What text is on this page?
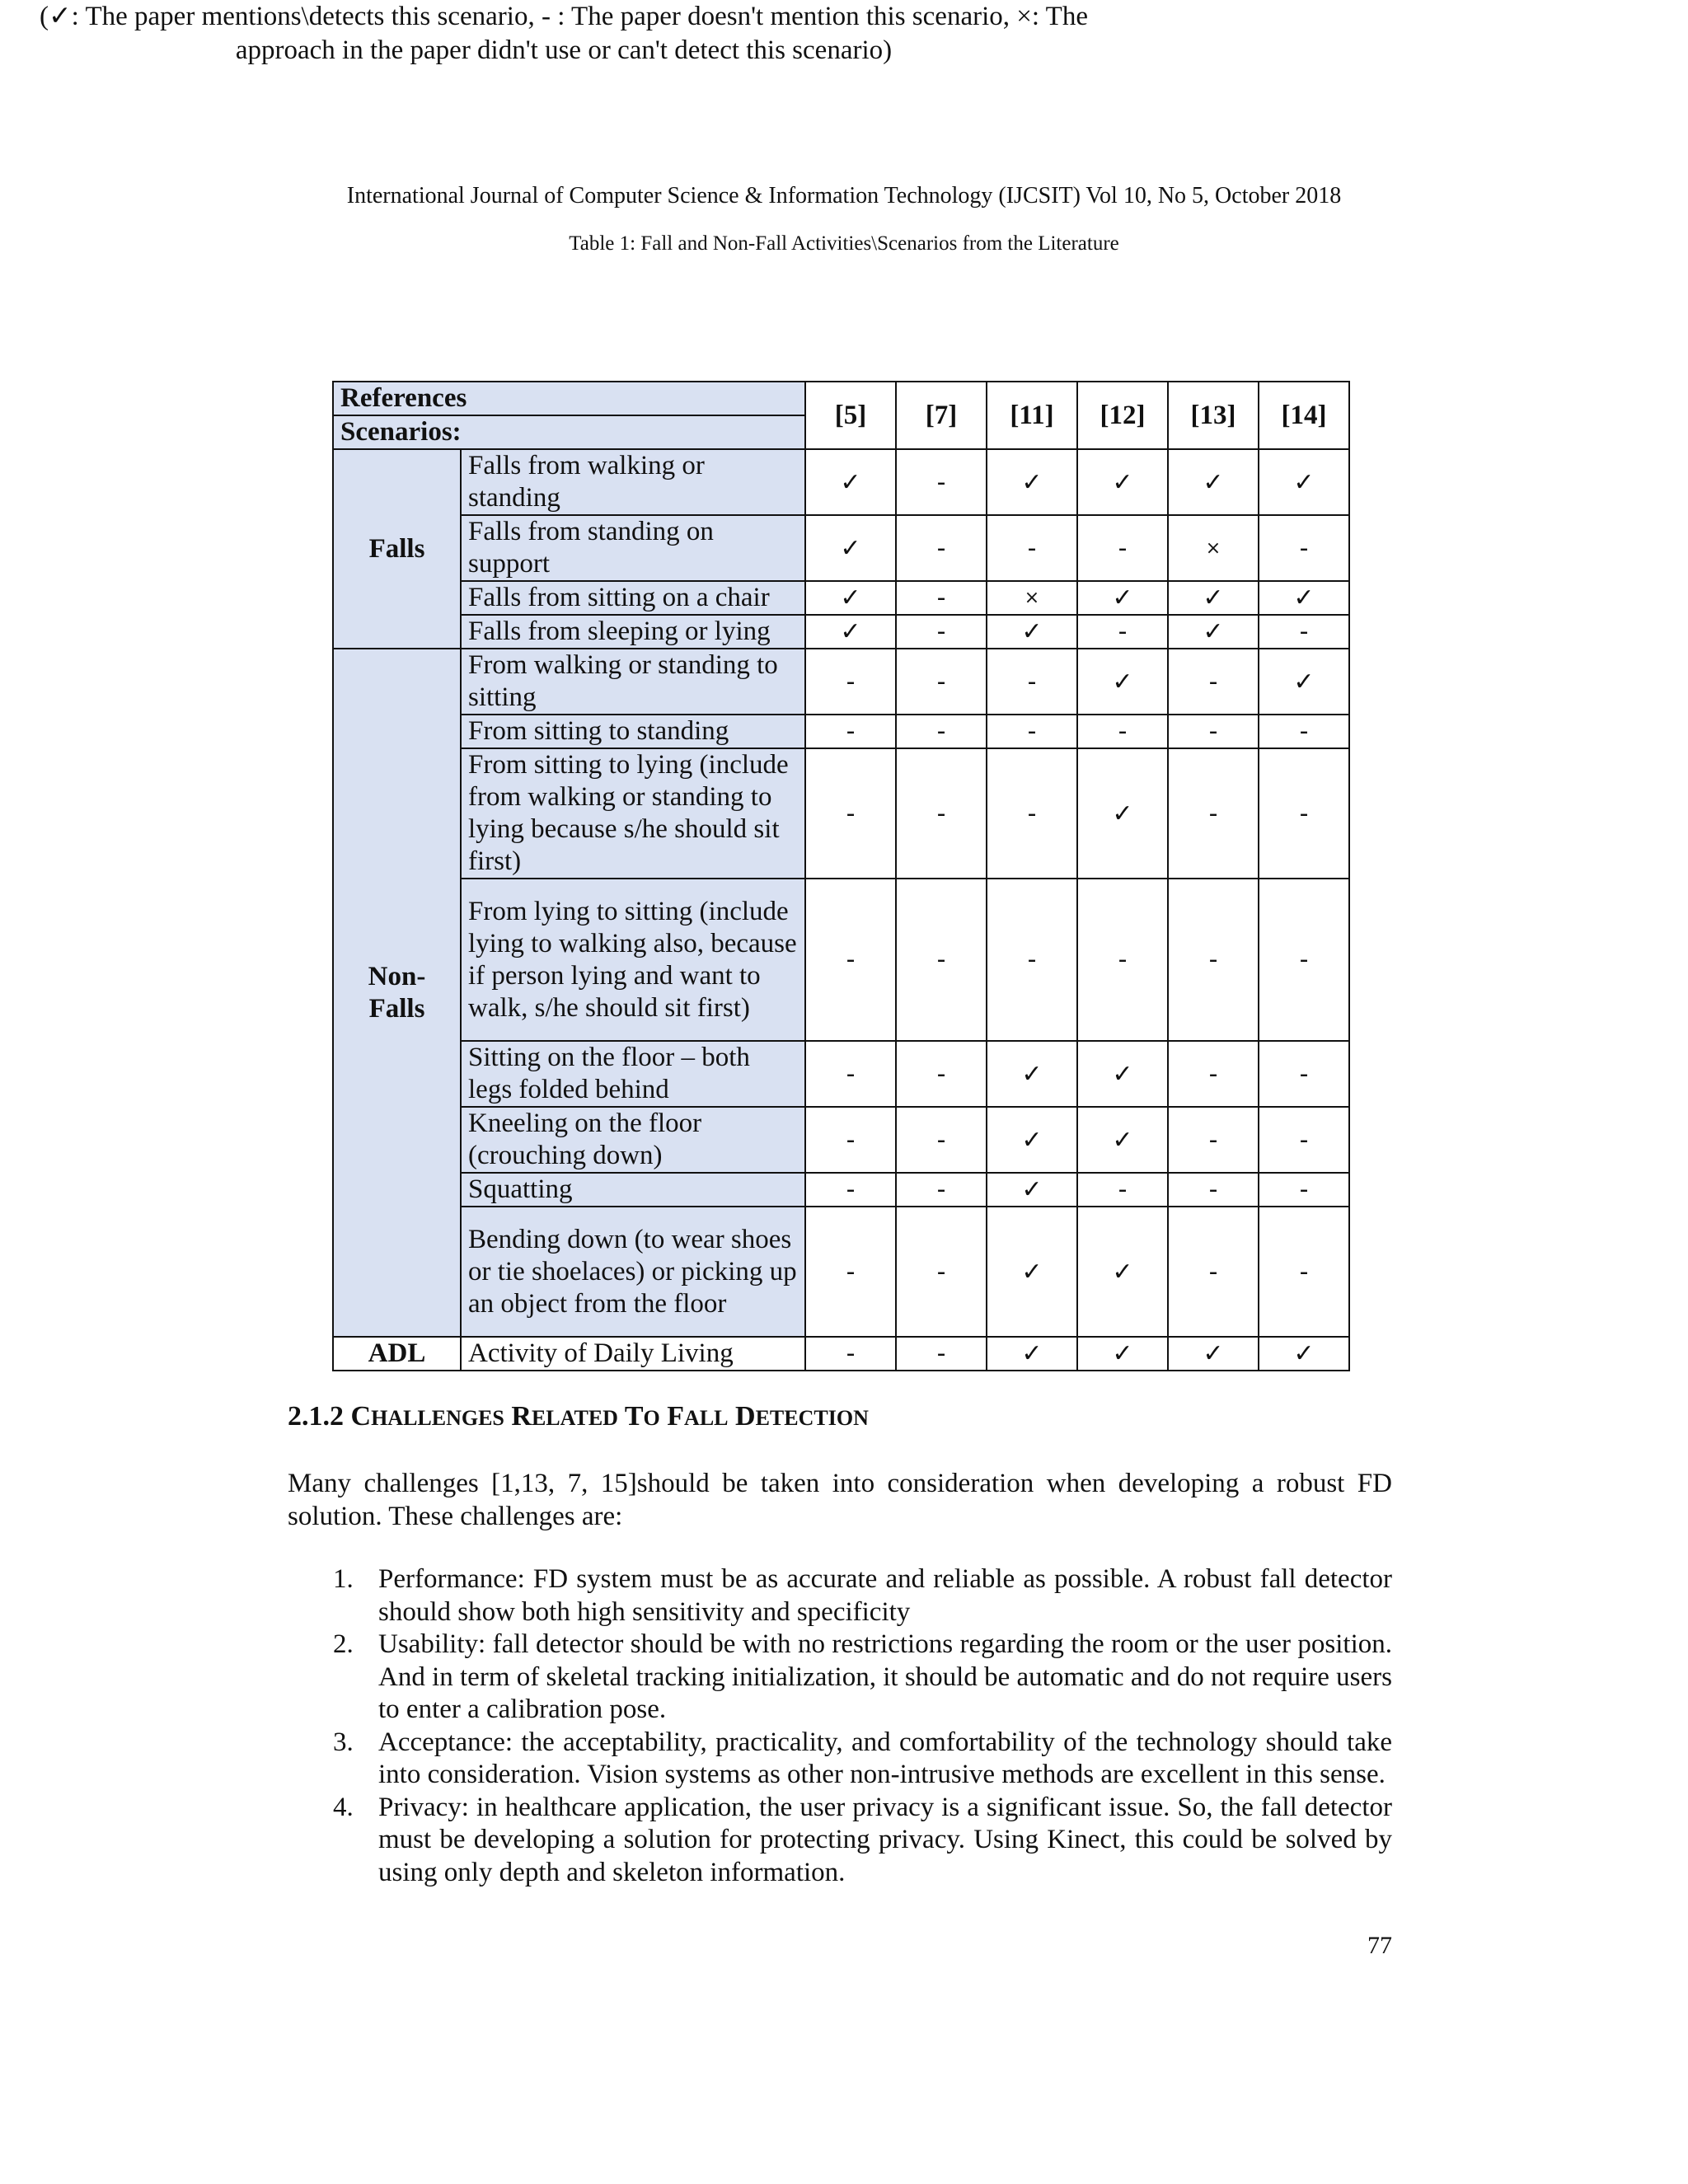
International Journal of Computer Science & Information Technology (IJCSIT) Vol 10, No 5, October 2018
Table 1: Fall and Non-Fall Activities\Scenarios from the Literature
(✓: The paper mentions\detects this scenario, - : The paper doesn't mention this scenario, ×: The approach in the paper didn't use or can't detect this scenario)
References		[5]	[7]	[11]	[12]	[13]	[14]
Scenarios:							
Falls	Falls from walking or standing	✓	-	✓	✓	✓	✓
	Falls from standing on support	✓	-	-	-	×	-
	Falls from sitting on a chair	✓	-	×	✓	✓	✓
	Falls from sleeping or lying	✓	-	✓	-	✓	-
Non-Falls	From walking or standing to sitting	-	-	-	✓	-	✓
	From sitting to standing	-	-	-	-	-	-
	From sitting to lying (include from walking or standing to lying because s/he should sit first)	-	-	-	✓	-	-
	From lying to sitting (include lying to walking also, because if person lying and want to walk, s/he should sit first)	-	-	-	-	-	-
	Sitting on the floor – both legs folded behind	-	-	✓	✓	-	-
	Kneeling on the floor (crouching down)	-	-	✓	✓	-	-
	Squatting	-	-	✓	-	-	-
	Bending down (to wear shoes or tie shoelaces) or picking up an object from the floor	-	-	✓	✓	-	-
ADL	Activity of Daily Living	-	-	✓	✓	✓	✓
2.1.2 CHALLENGES RELATED TO FALL DETECTION
Many challenges [1,13, 7, 15]should be taken into consideration when developing a robust FD solution. These challenges are:
1. Performance: FD system must be as accurate and reliable as possible. A robust fall detector should show both high sensitivity and specificity
2. Usability: fall detector should be with no restrictions regarding the room or the user position. And in term of skeletal tracking initialization, it should be automatic and do not require users to enter a calibration pose.
3. Acceptance: the acceptability, practicality, and comfortability of the technology should take into consideration. Vision systems as other non-intrusive methods are excellent in this sense.
4. Privacy: in healthcare application, the user privacy is a significant issue. So, the fall detector must be developing a solution for protecting privacy. Using Kinect, this could be solved by using only depth and skeleton information.
77
